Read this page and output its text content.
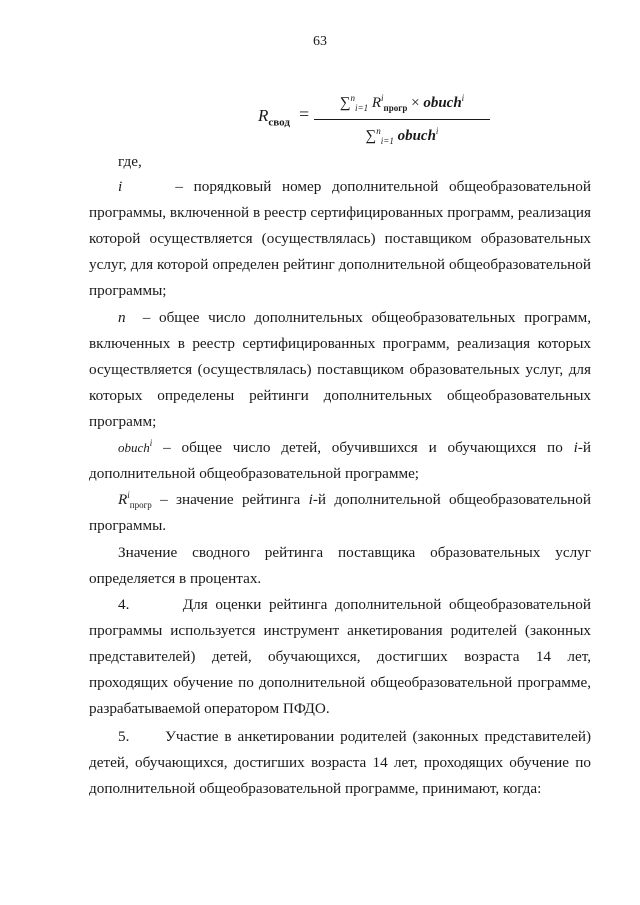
63
$R_{свод}$ =
∑$^n_{i=1}$ $R^i_{прогр}$ × obuch$^i$
∑$^n_{i=1}$ obuch$^i$
где,
i	– порядковый номер дополнительной общеобразовательной
программы, включенной в реестр сертифицированных программ, реализация
которой осуществляется (осуществлялась) поставщиком образовательных
услуг, для которой определен рейтинг дополнительной общеобразовательной
программы;
n – общее число дополнительных общеобразовательных программ,
включенных в реестр сертифицированных программ, реализация которых
осуществляется (осуществлялась) поставщиком образовательных услуг, для
которых определены рейтинги дополнительных общеобразовательных
программ;
obuch$^i$ – общее число детей, обучившихся и обучающихся по i-й
дополнительной общеобразовательной программе;
$R^i_{прогр}$ – значение рейтинга i-й дополнительной общеобразовательной
программы.
Значение сводного рейтинга поставщика образовательных услуг
определяется в процентах.
4.	Для оценки рейтинга дополнительной общеобразовательной
программы используется инструмент анкетирования родителей (законных
представителей) детей, обучающихся, достигших возраста 14 лет,
проходящих обучение по дополнительной общеобразовательной программе,
разрабатываемой оператором ПФДО.
5. Участие в анкетировании родителей (законных представителей)
детей, обучающихся, достигших возраста 14 лет, проходящих обучение по
дополнительной общеобразовательной программе, принимают, когда:
